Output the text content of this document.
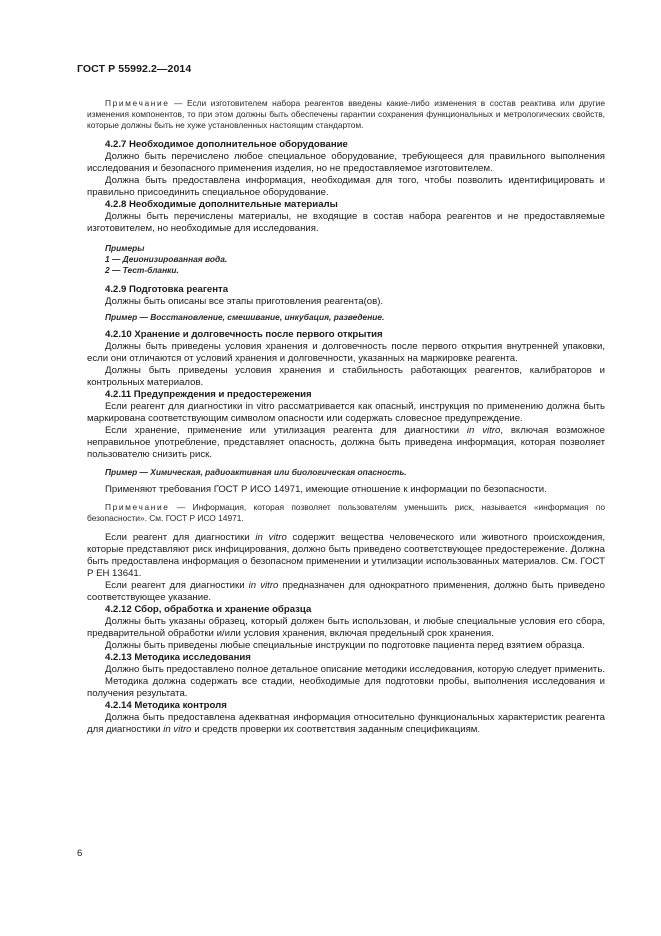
ГОСТ Р 55992.2—2014

Примечание — Если изготовителем набора реагентов введены какие-либо изменения в состав реактива или другие изменения компонентов, то при этом должны быть обеспечены гарантии сохранения функциональных и метрологических свойств, которые должны быть не хуже установленных настоящим стандартом.

4.2.7 Необходимое дополнительное оборудование

Должно быть перечислено любое специальное оборудование, требующееся для правильного выполнения исследования и безопасного применения изделия, но не предоставляемое изготовителем.

Должна быть предоставлена информация, необходимая для того, чтобы позволить идентифицировать и правильно присоединить специальное оборудование.

4.2.8 Необходимые дополнительные материалы

Должны быть перечислены материалы, не входящие в состав набора реагентов и не предоставляемые изготовителем, но необходимые для исследования.

Примеры

1 — Деионизированная вода.

2 — Тест-бланки.

4.2.9 Подготовка реагента

Должны быть описаны все этапы приготовления реагента(ов).

Пример — Восстановление, смешивание, инкубация, разведение.

4.2.10 Хранение и долговечность после первого открытия

Должны быть приведены условия хранения и долговечность после первого открытия внутренней упаковки, если они отличаются от условий хранения и долговечности, указанных на маркировке реагента.

Должны быть приведены условия хранения и стабильность работающих реагентов, калибраторов и контрольных материалов.

4.2.11 Предупреждения и предостережения

Если реагент для диагностики in vitro рассматривается как опасный, инструкция по применению должна быть маркирована соответствующим символом опасности или содержать словесное предупреждение.

Если хранение, применение или утилизация реагента для диагностики in vitro, включая возможное неправильное употребление, представляет опасность, должна быть приведена информация, которая позволяет пользователю снизить риск.

Пример — Химическая, радиоактивная или биологическая опасность.

Применяют требования ГОСТ Р ИСО 14971, имеющие отношение к информации по безопасности.

Примечание — Информация, которая позволяет пользователям уменьшить риск, называется «информация по безопасности». См. ГОСТ Р ИСО 14971.

Если реагент для диагностики in vitro содержит вещества человеческого или животного происхождения, которые представляют риск инфицирования, должно быть приведено соответствующее предостережение. Должна быть предоставлена информация о безопасном применении и утилизации использованных материалов. См. ГОСТ Р ЕН 13641.

Если реагент для диагностики in vitro предназначен для однократного применения, должно быть приведено соответствующее указание.

4.2.12 Сбор, обработка и хранение образца

Должны быть указаны образец, который должен быть использован, и любые специальные условия его сбора, предварительной обработки и/или условия хранения, включая предельный срок хранения.

Должны быть приведены любые специальные инструкции по подготовке пациента перед взятием образца.

4.2.13 Методика исследования

Должно быть предоставлено полное детальное описание методики исследования, которую следует применить.

Методика должна содержать все стадии, необходимые для подготовки пробы, выполнения исследования и получения результата.

4.2.14 Методика контроля

Должна быть предоставлена адекватная информация относительно функциональных характеристик реагента для диагностики in vitro и средств проверки их соответствия заданным спецификациям.

6
